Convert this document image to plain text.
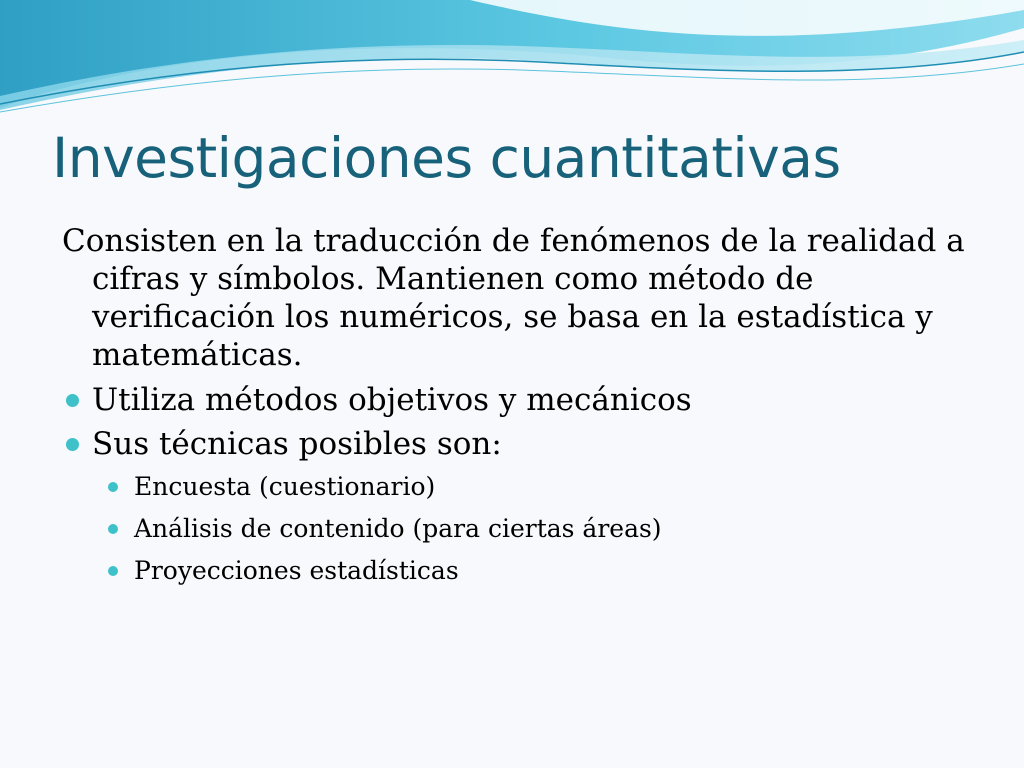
Investigaciones cuantitativas

Consisten en la traducción de fenómenos de la realidad a cifras y símbolos. Mantienen como método de verificación los numéricos, se basa en la estadística y matemáticas.

Utiliza métodos objetivos y mecánicos
Sus técnicas posibles son:
Encuesta (cuestionario)
Análisis de contenido (para ciertas áreas)
Proyecciones estadísticas
